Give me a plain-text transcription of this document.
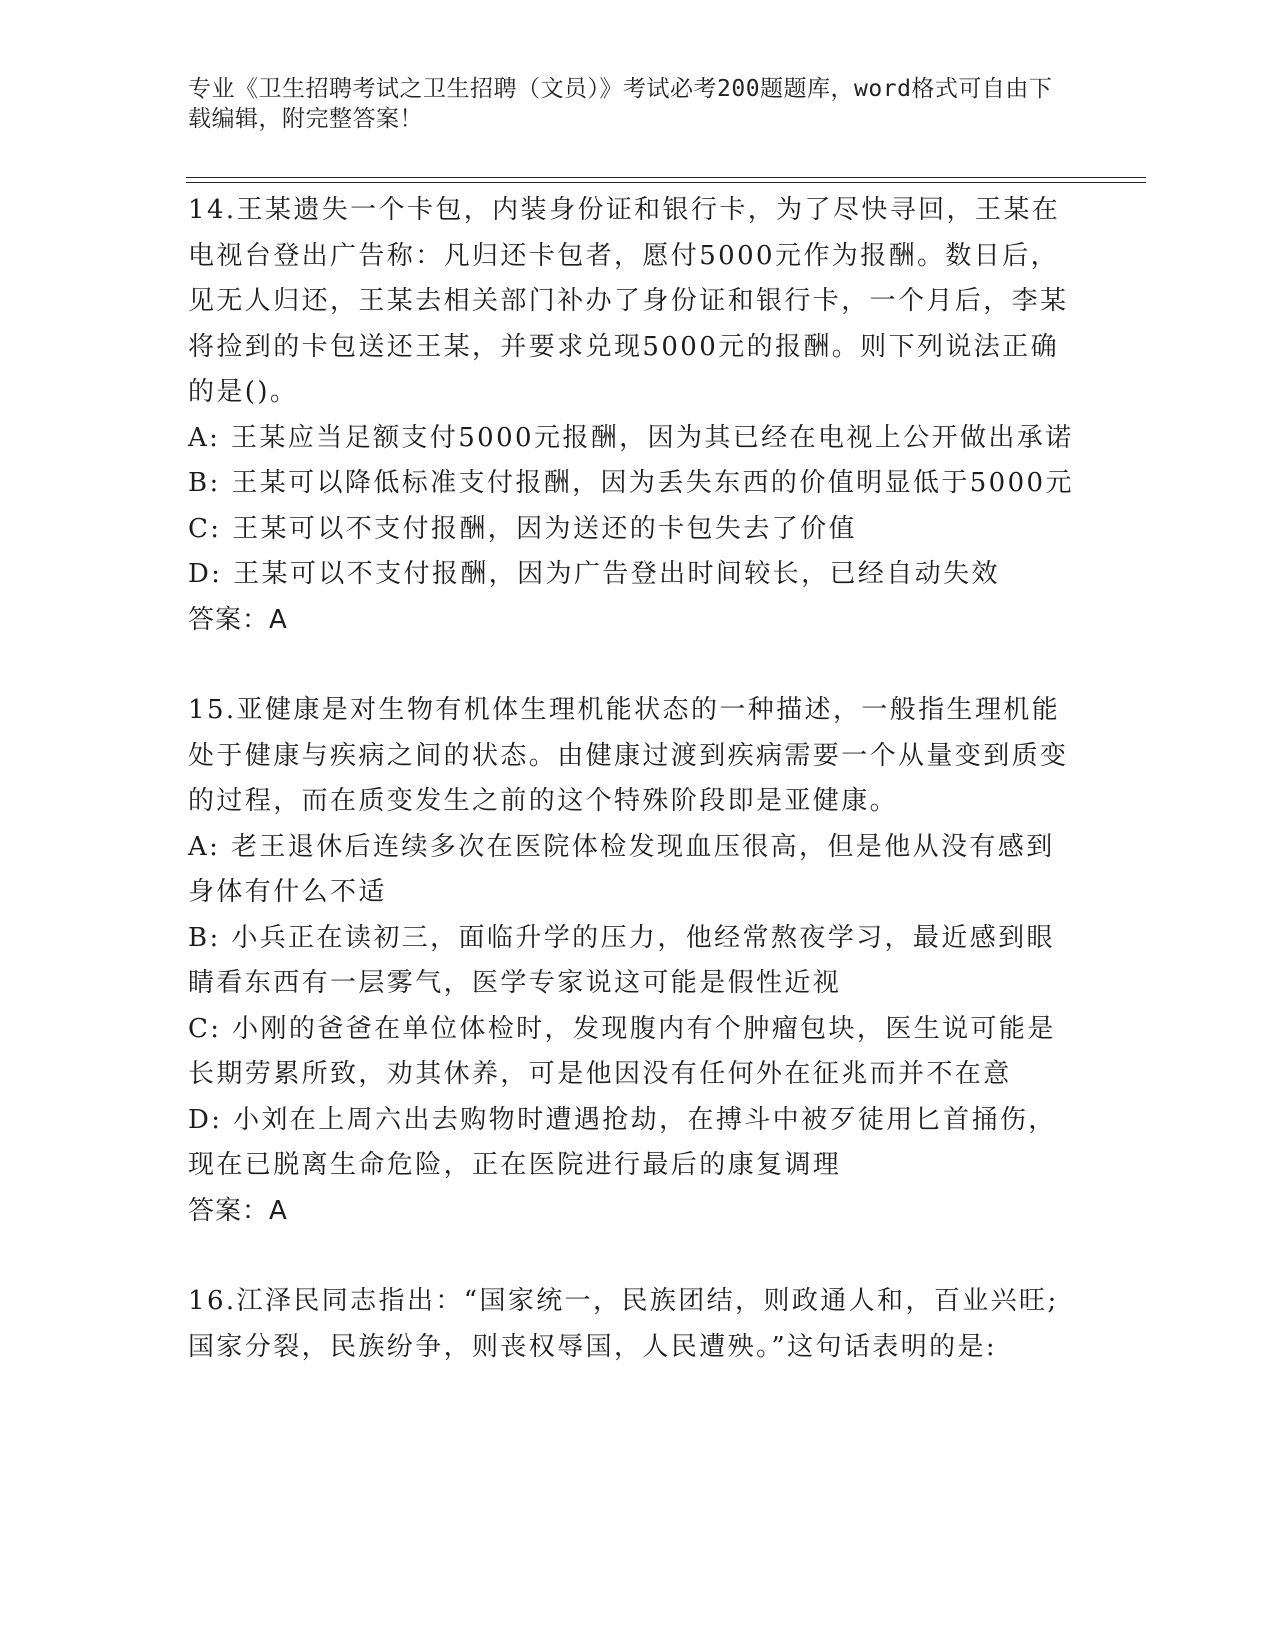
专业《卫生招聘考试之卫生招聘（文员）》考试必考200题题库，word格式可自由下载编辑，附完整答案！

14.王某遗失一个卡包，内装身份证和银行卡，为了尽快寻回，王某在电视台登出广告称：凡归还卡包者，愿付5000元作为报酬。数日后，见无人归还，王某去相关部门补办了身份证和银行卡，一个月后，李某将捡到的卡包送还王某，并要求兑现5000元的报酬。则下列说法正确的是()。

A: 王某应当足额支付5000元报酬，因为其已经在电视上公开做出承诺

B: 王某可以降低标准支付报酬，因为丢失东西的价值明显低于5000元

C: 王某可以不支付报酬，因为送还的卡包失去了价值

D: 王某可以不支付报酬，因为广告登出时间较长，已经自动失效

答案：A

15.亚健康是对生物有机体生理机能状态的一种描述，一般指生理机能处于健康与疾病之间的状态。由健康过渡到疾病需要一个从量变到质变的过程，而在质变发生之前的这个特殊阶段即是亚健康。

A: 老王退休后连续多次在医院体检发现血压很高，但是他从没有感到身体有什么不适

B: 小兵正在读初三，面临升学的压力，他经常熬夜学习，最近感到眼睛看东西有一层雾气，医学专家说这可能是假性近视

C: 小刚的爸爸在单位体检时，发现腹内有个肿瘤包块，医生说可能是长期劳累所致，劝其休养，可是他因没有任何外在征兆而并不在意

D: 小刘在上周六出去购物时遭遇抢劫，在搏斗中被歹徒用匕首捅伤，现在已脱离生命危险，正在医院进行最后的康复调理

答案：A

16.江泽民同志指出：“国家统一，民族团结，则政通人和，百业兴旺;国家分裂，民族纷争，则丧权辱国，人民遭殃。”这句话表明的是:
